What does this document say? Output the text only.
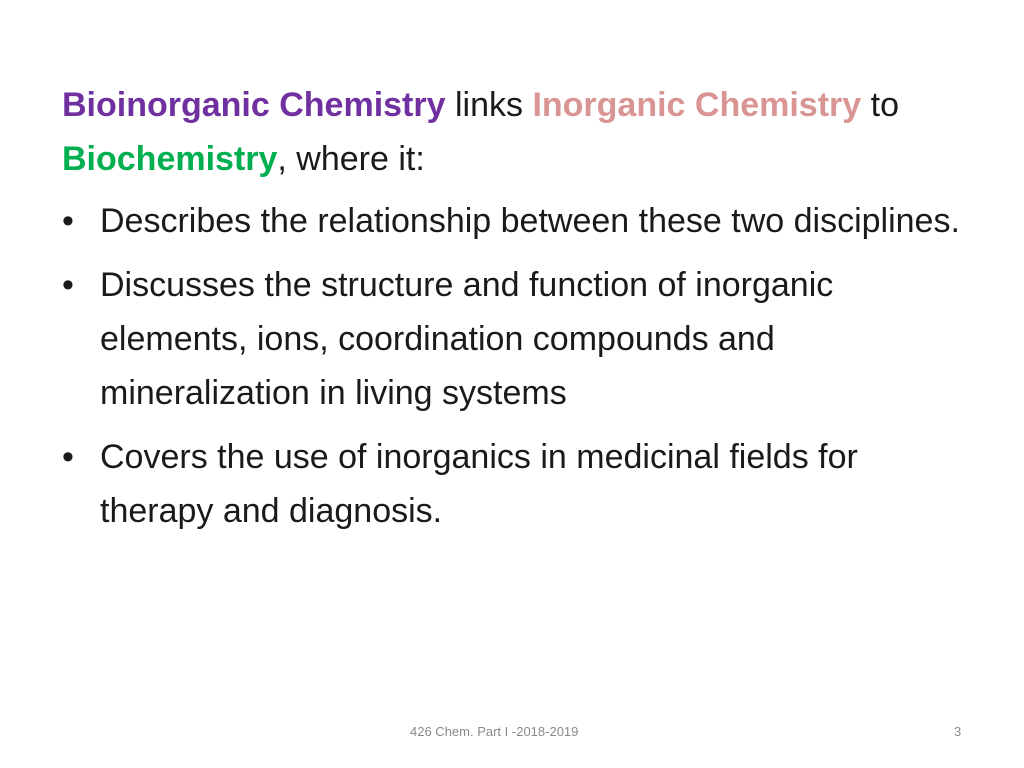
Bioinorganic Chemistry links Inorganic Chemistry to Biochemistry, where it:

• Describes the relationship between these two disciplines.
• Discusses the structure and function of inorganic elements, ions, coordination compounds and mineralization in living systems
• Covers the use of inorganics in medicinal fields for therapy and diagnosis.
426 Chem. Part I -2018-2019	3
